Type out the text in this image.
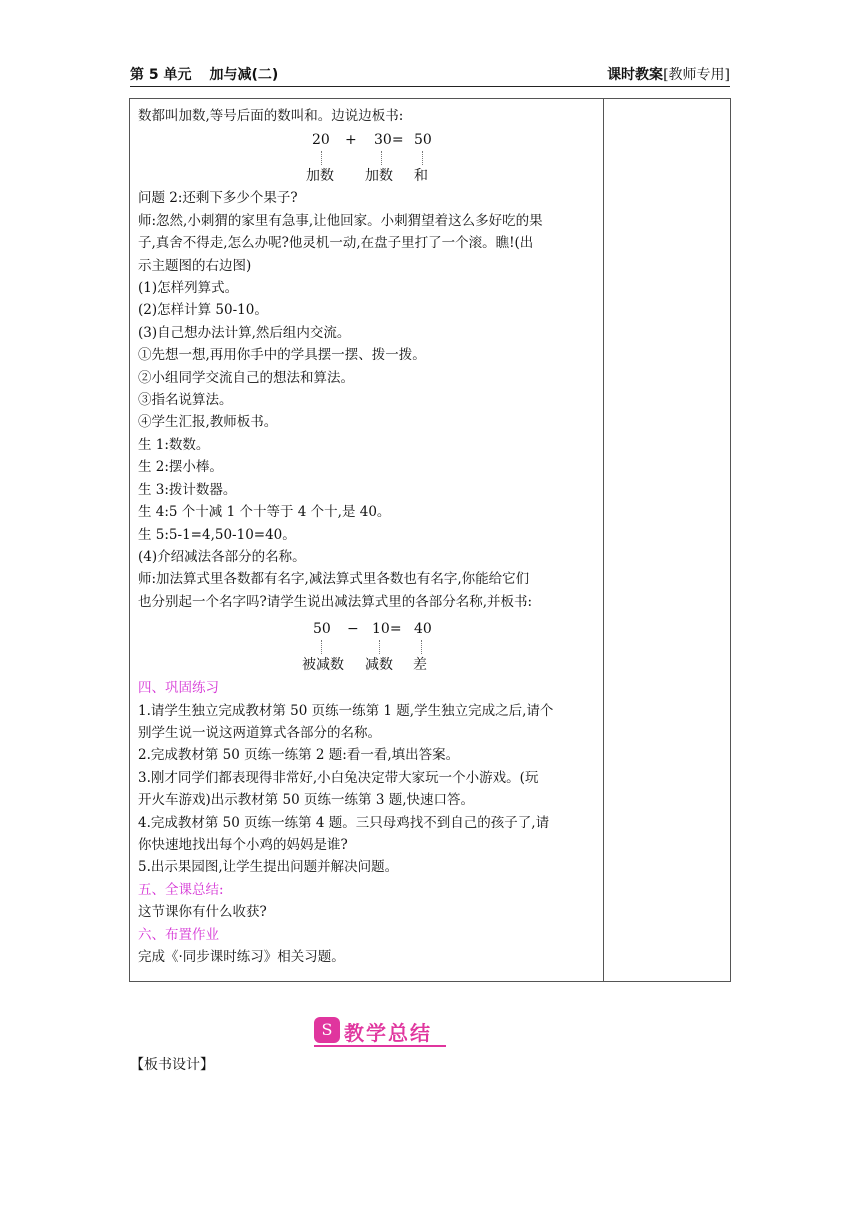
第 5 单元 加与减(二)	课时教案[教师专用]
数都叫加数,等号后面的数叫和。边说边板书:
20 + 30= 50
加数 加数 和
问题 2:还剩下多少个果子?
师:忽然,小刺猬的家里有急事,让他回家。小刺猬望着这么多好吃的果
子,真舍不得走,怎么办呢?他灵机一动,在盘子里打了一个滚。瞧!(出
示主题图的右边图)
(1)怎样列算式。
(2)怎样计算 50-10。
(3)自己想办法计算,然后组内交流。
①先想一想,再用你手中的学具摆一摆、拨一拨。
②小组同学交流自己的想法和算法。
③指名说算法。
④学生汇报,教师板书。
生 1:数数。
生 2:摆小棒。
生 3:拨计数器。
生 4:5 个十减 1 个十等于 4 个十,是 40。
生 5:5-1=4,50-10=40。
(4)介绍减法各部分的名称。
师:加法算式里各数都有名字,减法算式里各数也有名字,你能给它们
也分别起一个名字吗?请学生说出减法算式里的各部分名称,并板书:
50 − 10= 40
被减数 减数 差
四、巩固练习
1.请学生独立完成教材第 50 页练一练第 1 题,学生独立完成之后,请个
别学生说一说这两道算式各部分的名称。
2.完成教材第 50 页练一练第 2 题:看一看,填出答案。
3.刚才同学们都表现得非常好,小白兔决定带大家玩一个小游戏。(玩
开火车游戏)出示教材第 50 页练一练第 3 题,快速口答。
4.完成教材第 50 页练一练第 4 题。三只母鸡找不到自己的孩子了,请
你快速地找出每个小鸡的妈妈是谁?
5.出示果园图,让学生提出问题并解决问题。
五、全课总结:
这节课你有什么收获?
六、布置作业
完成《·同步课时练习》相关习题。
S 教学总结
【板书设计】
